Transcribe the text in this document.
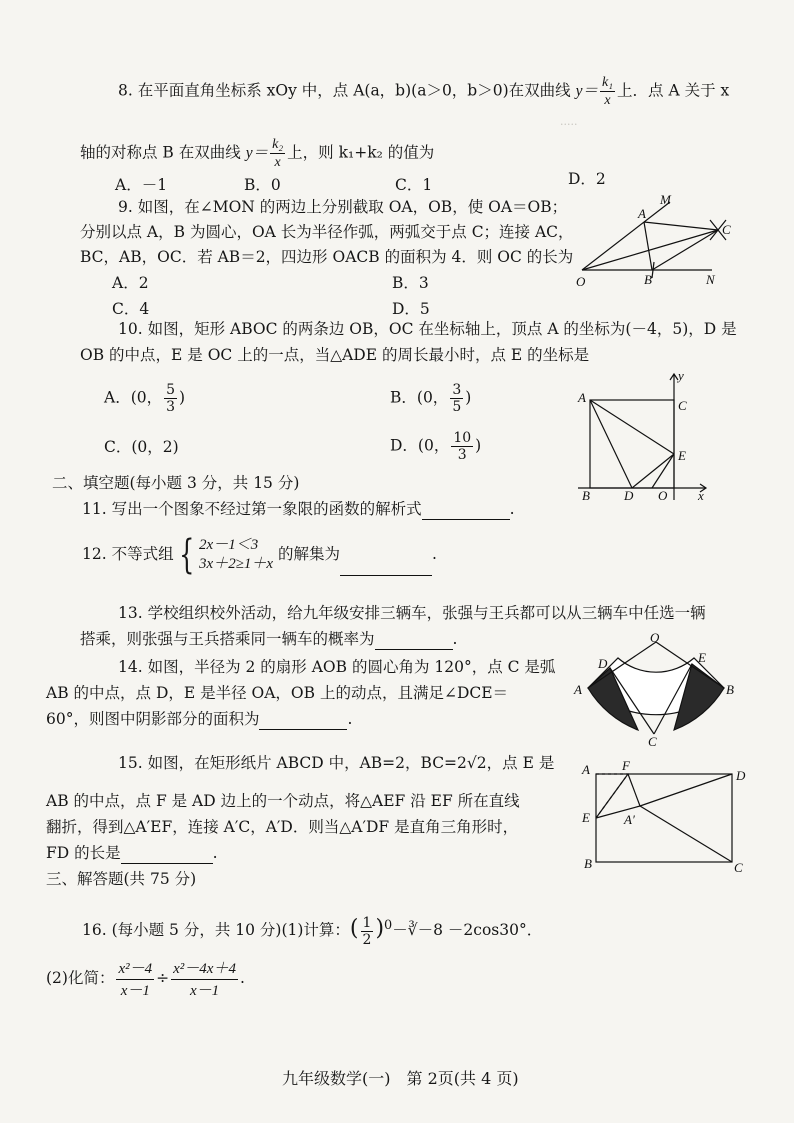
·····
8. 在平面直角坐标系 xOy 中，点 A(a，b)(a＞0，b＞0)在双曲线 $y= \frac{\text{k₁}}{x}$ 上．点 A 关于 x
轴的对称点 B 在双曲线 $y= \frac{\text{k₂}}{x}$ 上，则 k₁+k₂ 的值为
A．－1	B．0	C．1	D．2
9. 如图，在∠MON 的两边上分别截取 OA，OB，使 OA＝OB；
分别以点 A，B 为圆心，OA 长为半径作弧，两弧交于点 C；连接 AC，
BC，AB，OC．若 AB＝2，四边形 OACB 的面积为 4．则 OC 的长为
A．2	B．3
C．4	D．5
A
B
C
M
N
O
10. 如图，矩形 ABOC 的两条边 OB，OC 在坐标轴上，顶点 A 的坐标为(－4，5)，D 是
OB 的中点，E 是 OC 上的一点，当△ADE 的周长最小时，点 E 的坐标是
A．(0， $\frac{5}{3}$ )	B．(0， $\frac{3}{5}$ )
C．(0，2)	D．(0， $\frac{10}{3}$ )
A
B
C
D
E
O x
y
二、填空题(每小题 3 分，共 15 分)
11. 写出一个图象不经过第一象限的函数的解析式	.
12. 不等式组 { 2x－1＜3
3x＋2≥1＋x
的解集为	.
13. 学校组织校外活动，给九年级安排三辆车，张强与王兵都可以从三辆车中任选一辆
搭乘，则张强与王兵搭乘同一辆车的概率为	.
14. 如图，半径为 2 的扇形 AOB 的圆心角为 120°，点 C 是弧
AB 的中点，点 D，E 是半径 OA，OB 上的动点，且满足∠DCE＝
60°，则图中阴影部分的面积为	.
O
A	B
C
D	E
15. 如图，在矩形纸片 ABCD 中，AB=2，BC=2√2，点 E 是
AB 的中点，点 F 是 AD 边上的一个动点，将△AEF 沿 EF 所在直线
翻折，得到△A′EF，连接 A′C，A′D．则当△A′DF 是直角三角形时，
FD 的长是	.
A F
D
E	A′
B	C
三、解答题(共 75 分)
16. (每小题 5 分，共 10 分)(1)计算：( $\frac{1}{2}$ )$^0$－∛－8 －2cos30°．
(2)化简： $\frac{\text{x²－4}}{x-1} \div \frac{\text{x²－4x＋4}}{x-1}$ .
九年级数学(一)　第 2页(共 4 页)
